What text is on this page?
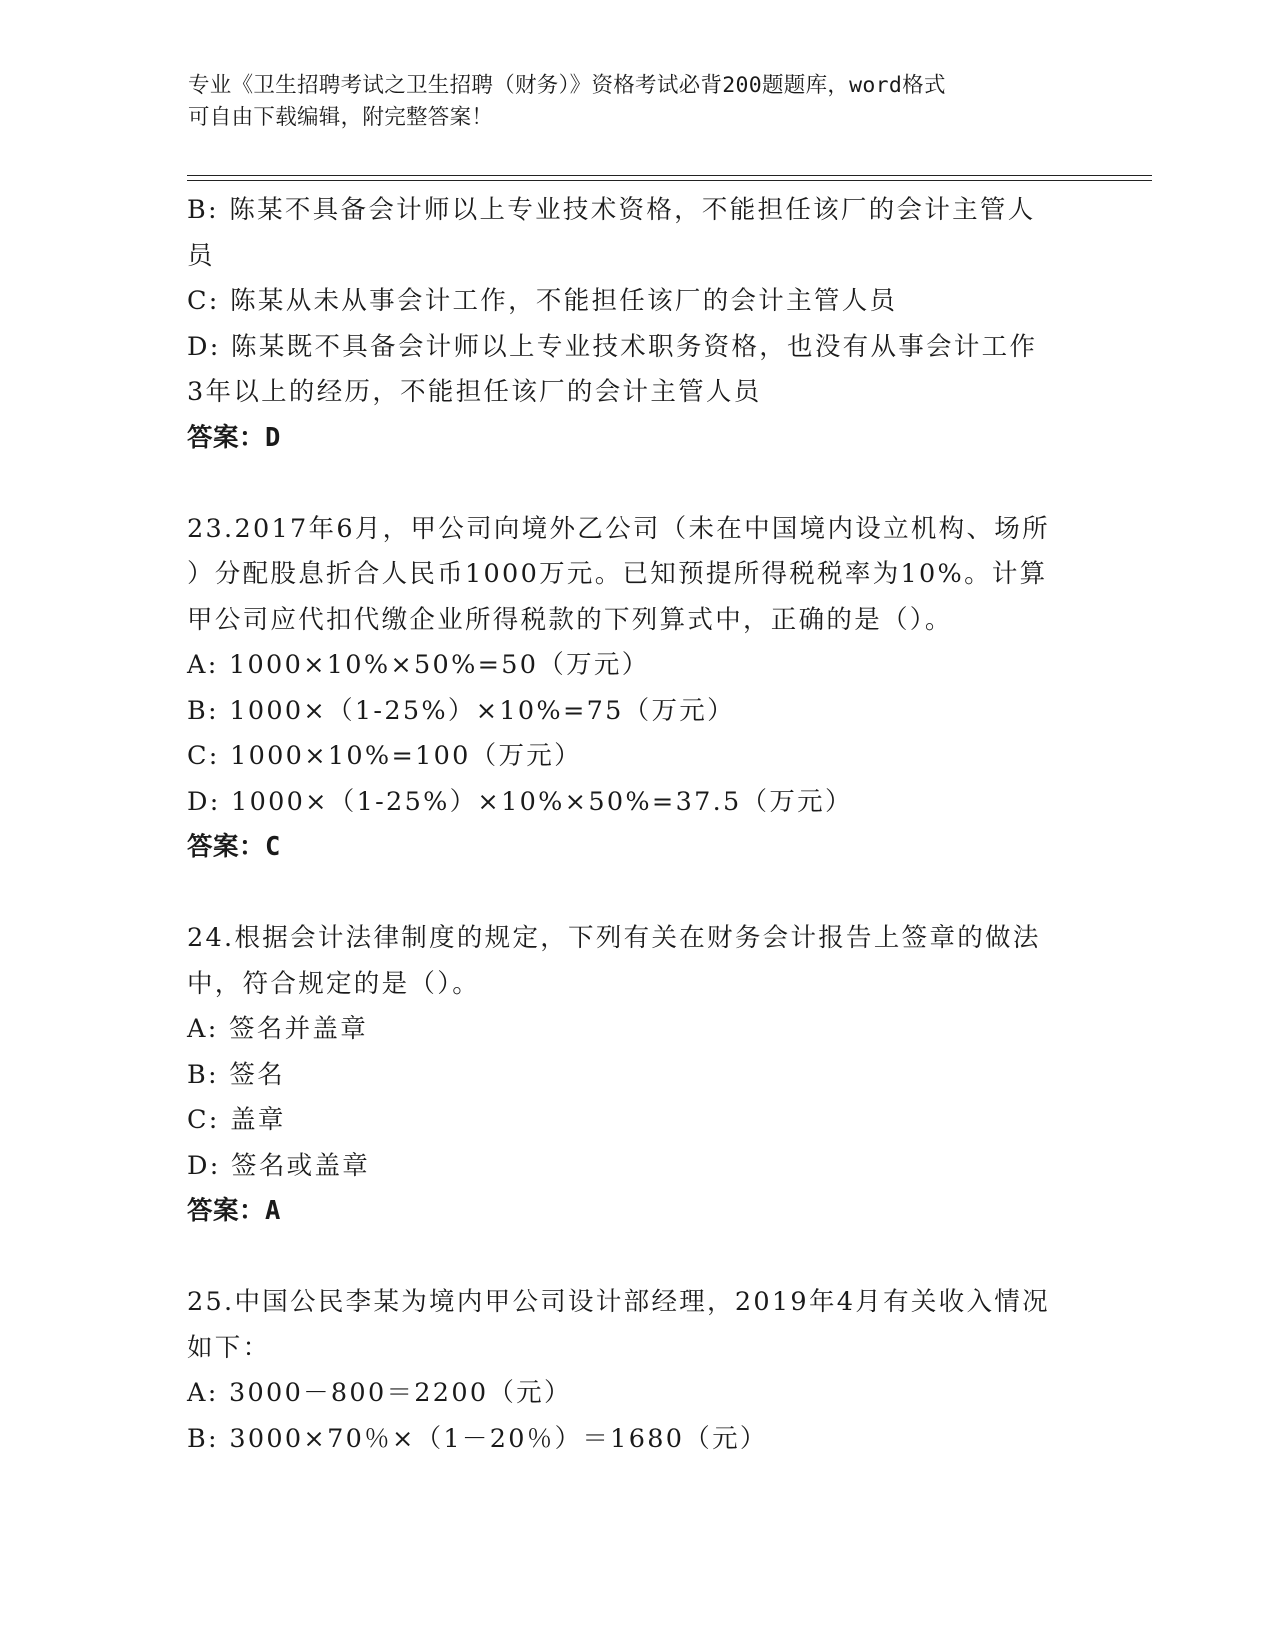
专业《卫生招聘考试之卫生招聘（财务）》资格考试必背200题题库，word格式
可自由下载编辑，附完整答案！
B: 陈某不具备会计师以上专业技术资格，不能担任该厂的会计主管人
员
C: 陈某从未从事会计工作，不能担任该厂的会计主管人员
D: 陈某既不具备会计师以上专业技术职务资格，也没有从事会计工作
3年以上的经历，不能担任该厂的会计主管人员
答案：D
23.2017年6月，甲公司向境外乙公司（未在中国境内设立机构、场所
）分配股息折合人民币1000万元。已知预提所得税税率为10%。计算
甲公司应代扣代缴企业所得税款的下列算式中，正确的是（）。
A: 1000×10%×50%=50（万元）
B: 1000×（1-25%）×10%=75（万元）
C: 1000×10%=100（万元）
D: 1000×（1-25%）×10%×50%=37.5（万元）
答案：C
24.根据会计法律制度的规定，下列有关在财务会计报告上签章的做法
中，符合规定的是（）。
A: 签名并盖章
B: 签名
C: 盖章
D: 签名或盖章
答案：A
25.中国公民李某为境内甲公司设计部经理，2019年4月有关收入情况
如下：
A: 3000－800＝2200（元）
B: 3000×70％×（1－20％）＝1680（元）
